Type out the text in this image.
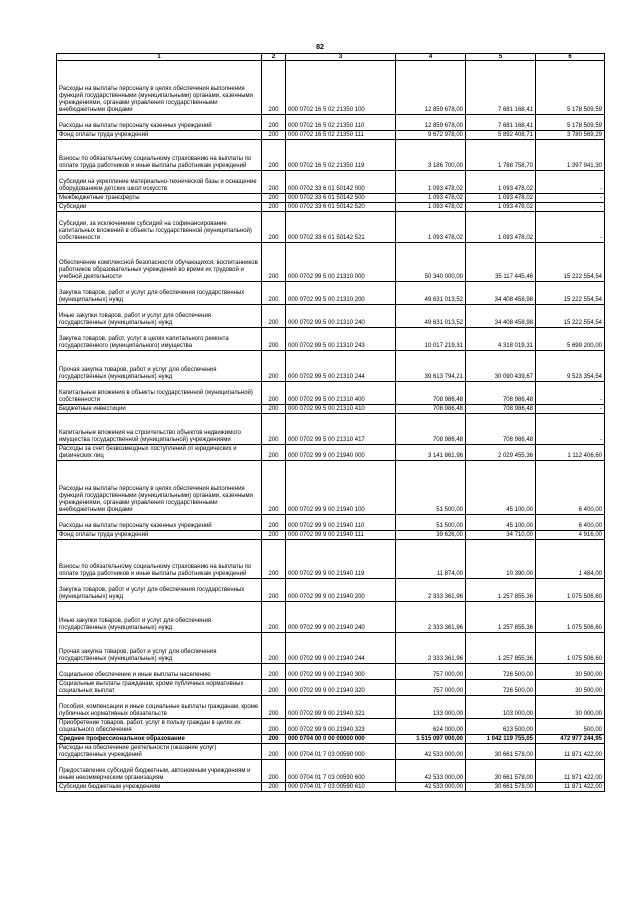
82
1	2	3	4	5	6
Расходы на выплаты персоналу в целях обеспечения выполнения функций государственными (муниципальными) органами, казенными учреждениями, органами управления государственными внебюджетными фондами	200	000 0702 16 5 02 21350 100	12 859 678,00	7 681 168,41	5 178 509,59
Расходы на выплаты персоналу казенных учреждений	200	000 0702 16 5 02 21350 110	12 859 678,00	7 681 168,41	5 178 509,59
Фонд оплаты труда учреждений	200	000 0702 16 5 02 21350 111	9 672 978,00	5 892 408,71	3 780 569,29
Взносы по обязательному социальному страхованию на выплаты по оплате труда работников и иные выплаты работникам учреждений	200	000 0702 16 5 02 21350 119	3 186 700,00	1 788 758,70	1 397 941,30
Субсидии на укрепление материально-технической базы и оснащение оборудованием детских школ искусств	200	000 0702 33 6 01 50142 000	1 093 478,02	1 093 478,02	-
Межбюджетные трансферты	200	000 0702 33 6 01 50142 500	1 093 478,02	1 093 478,02	-
Субсидии	200	000 0702 33 6 01 50142 520	1 093 478,02	1 093 478,02	-
Субсидии, за исключением субсидий на софинансирование капитальных вложений в объекты государственной (муниципальной) собственности	200	000 0702 33 6 01 50142 521	1 093 478,02	1 093 478,02	-
Обеспечение комплексной безопасности обучающихся, воспитанников работников образовательных учреждений во время их трудовой и учебной деятельности	200	000 0702 99 5 00 21310 000	50 340 000,00	35 117 445,46	15 222 554,54
Закупка товаров, работ и услуг для обеспечения государственных (муниципальных) нужд	200	000 0702 99 5 00 21310 200	49 631 013,52	34 408 458,98	15 222 554,54
Иные закупки товаров, работ и услуг для обеспечения государственных (муниципальных) нужд	200	000 0702 99 5 00 21310 240	49 631 013,52	34 408 458,98	15 222 554,54
Закупка товаров, работ, услуг в целях капитального ремонта государственного (муниципального) имущества	200	000 0702 99 5 00 21310 243	10 017 219,31	4 318 019,31	5 699 200,00
Прочая закупка товаров, работ и услуг для обеспечения государственных (муниципальных) нужд	200	000 0702 99 5 00 21310 244	39 613 794,21	30 090 439,67	9 523 354,54
Капитальные вложения в объекты государственной (муниципальной) собственности	200	000 0702 99 5 00 21310 400	708 986,48	708 986,48	-
Бюджетные инвестиции	200	000 0702 99 5 00 21310 410	708 986,48	708 986,48	-
Капитальные вложения на строительство объектов недвижимого имущества государственной (муниципальной) учреждениями	200	000 0702 99 5 00 21310 417	708 986,48	708 986,48	-
Расходы за счет безвозмездных поступлений от юридических и физических лиц	200	000 0702 99 9 00 21940 000	3 141 861,96	2 029 455,36	1 112 406,60
Расходы на выплаты персоналу в целях обеспечения выполнения функций государственными (муниципальными) органами, казенными учреждениями, органами управления государственными внебюджетными фондами	200	000 0702 99 9 00 21940 100	51 500,00	45 100,00	6 400,00
Расходы на выплаты персоналу казенных учреждений	200	000 0702 99 9 00 21940 110	51 500,00	45 100,00	6 400,00
Фонд оплаты труда учреждений	200	000 0702 99 9 00 21940 111	39 626,00	34 710,00	4 916,00
Взносы по обязательному социальному страхованию на выплаты по оплате труда работников и иные выплаты работникам учреждений	200	000 0702 99 9 00 21940 119	11 874,00	10 390,00	1 484,00
Закупка товаров, работ и услуг для обеспечения государственных (муниципальных) нужд	200	000 0702 99 9 00 21940 200	2 333 361,96	1 257 855,36	1 075 506,60
Иные закупки товаров, работ и услуг для обеспечения государственных (муниципальных) нужд	200	000 0702 99 9 00 21940 240	2 333 361,96	1 257 855,36	1 075 506,60
Прочая закупка товаров, работ и услуг для обеспечения государственных (муниципальных) нужд	200	000 0702 99 9 00 21940 244	2 333 361,96	1 257 855,36	1 075 506,60
Социальное обеспечение и иные выплаты населению	200	000 0702 99 9 00 21940 300	757 000,00	726 500,00	30 500,00
Социальные выплаты гражданам, кроме публичных нормативных социальных выплат	200	000 0702 99 9 00 21940 320	757 000,00	726 500,00	30 500,00
Пособия, компенсации и иные социальные выплаты гражданам, кроме публичных нормативных обязательств	200	000 0702 99 9 00 21940 321	133 000,00	103 000,00	30 000,00
Приобретение товаров, работ, услуг в пользу граждан в целях их социального обеспечения	200	000 0702 99 9 00 21940 323	624 000,00	623 500,00	500,00
Среднее профессиональное образование	200	000 0704 00 0 00 00000 000	1 515 097 000,00	1 042 119 755,05	472 977 244,95
Расходы на обеспечение деятельности (оказание услуг) государственных учреждений	200	000 0704 01 7 03 00590 000	42 533 000,00	30 661 578,00	11 871 422,00
Предоставление субсидий бюджетным, автономным учреждениям и иным некоммерческим организациям	200	000 0704 01 7 03 00590 600	42 533 000,00	30 661 578,00	11 871 422,00
Субсидии бюджетным учреждениям	200	000 0704 01 7 03 00590 610	42 533 000,00	30 661 578,00	11 871 422,00
